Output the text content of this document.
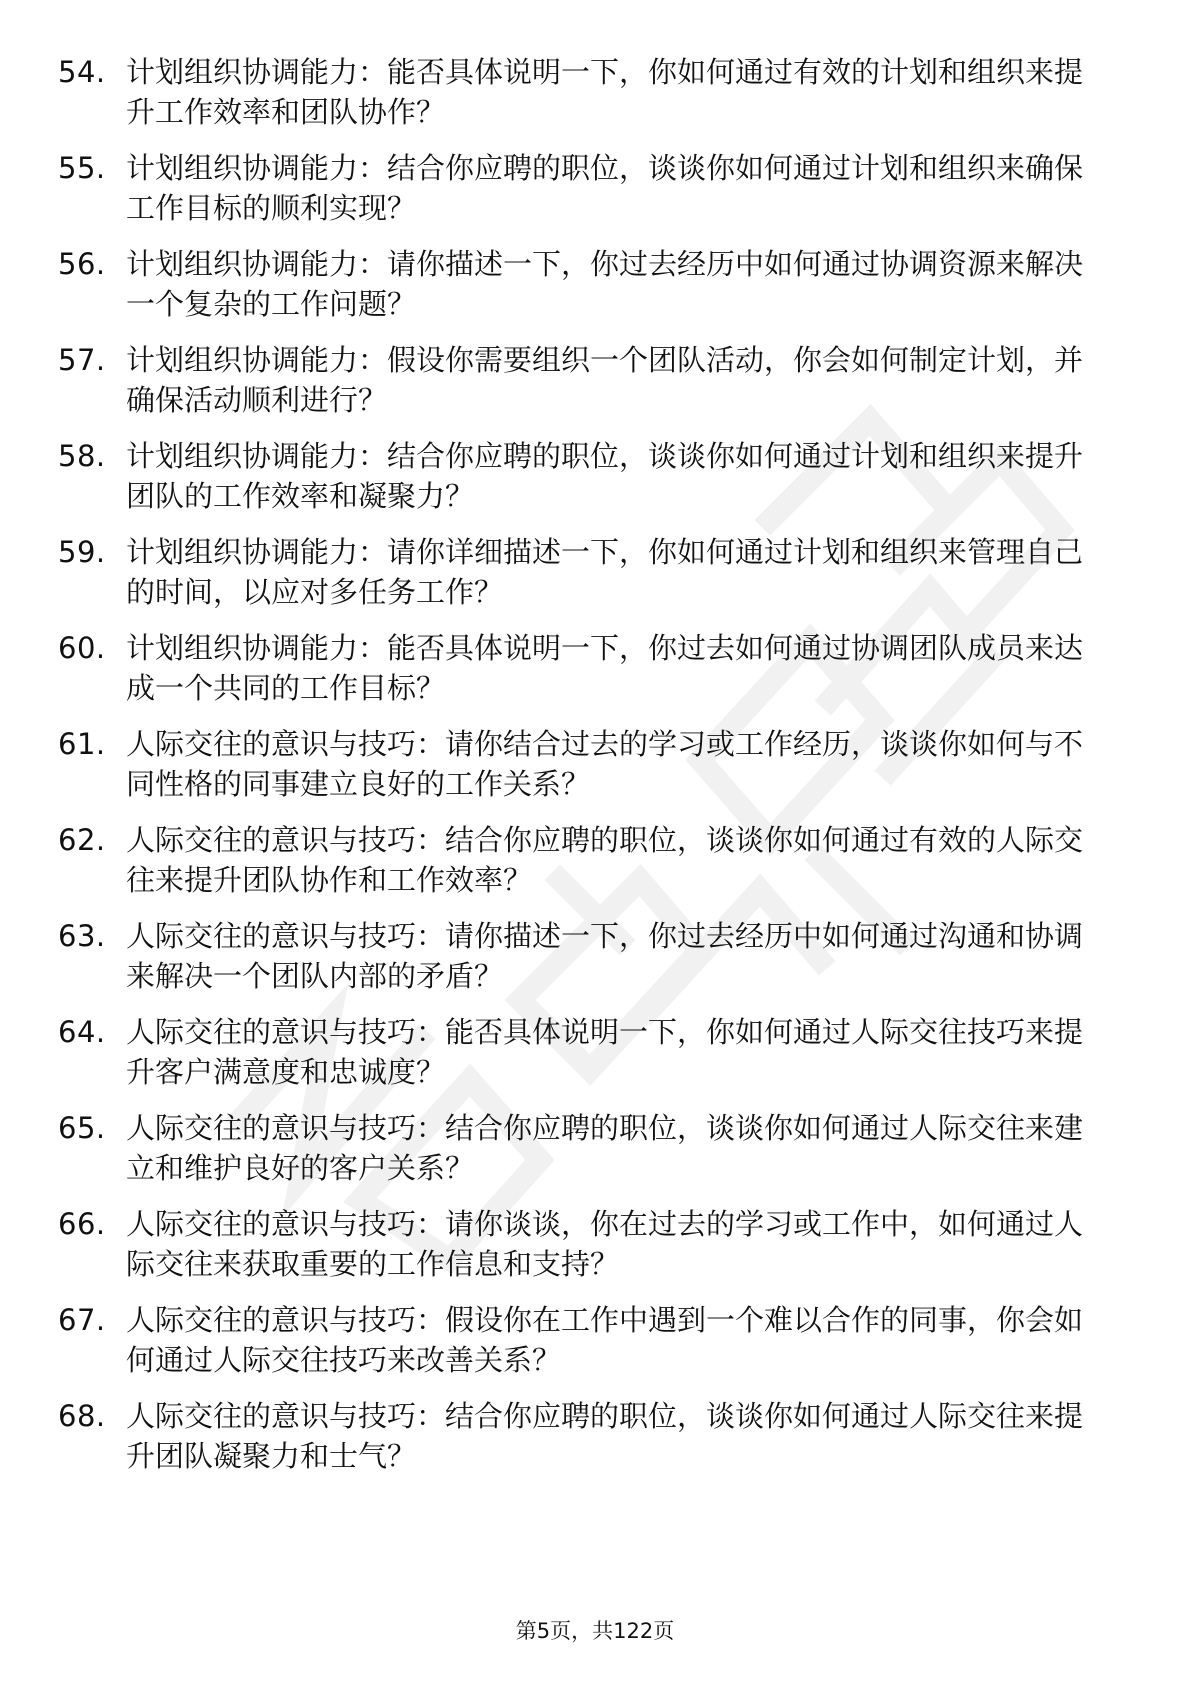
54. 计划组织协调能力：能否具体说明一下，你如何通过有效的计划和组织来提升工作效率和团队协作？
55. 计划组织协调能力：结合你应聘的职位，谈谈你如何通过计划和组织来确保工作目标的顺利实现？
56. 计划组织协调能力：请你描述一下，你过去经历中如何通过协调资源来解决一个复杂的工作问题？
57. 计划组织协调能力：假设你需要组织一个团队活动，你会如何制定计划，并确保活动顺利进行？
58. 计划组织协调能力：结合你应聘的职位，谈谈你如何通过计划和组织来提升团队的工作效率和凝聚力？
59. 计划组织协调能力：请你详细描述一下，你如何通过计划和组织来管理自己的时间，以应对多任务工作？
60. 计划组织协调能力：能否具体说明一下，你过去如何通过协调团队成员来达成一个共同的工作目标？
61. 人际交往的意识与技巧：请你结合过去的学习或工作经历，谈谈你如何与不同性格的同事建立良好的工作关系？
62. 人际交往的意识与技巧：结合你应聘的职位，谈谈你如何通过有效的人际交往来提升团队协作和工作效率？
63. 人际交往的意识与技巧：请你描述一下，你过去经历中如何通过沟通和协调来解决一个团队内部的矛盾？
64. 人际交往的意识与技巧：能否具体说明一下，你如何通过人际交往技巧来提升客户满意度和忠诚度？
65. 人际交往的意识与技巧：结合你应聘的职位，谈谈你如何通过人际交往来建立和维护良好的客户关系？
66. 人际交往的意识与技巧：请你谈谈，你在过去的学习或工作中，如何通过人际交往来获取重要的工作信息和支持？
67. 人际交往的意识与技巧：假设你在工作中遇到一个难以合作的同事，你会如何通过人际交往技巧来改善关系？
68. 人际交往的意识与技巧：结合你应聘的职位，谈谈你如何通过人际交往来提升团队凝聚力和士气？
第5页，共122页
